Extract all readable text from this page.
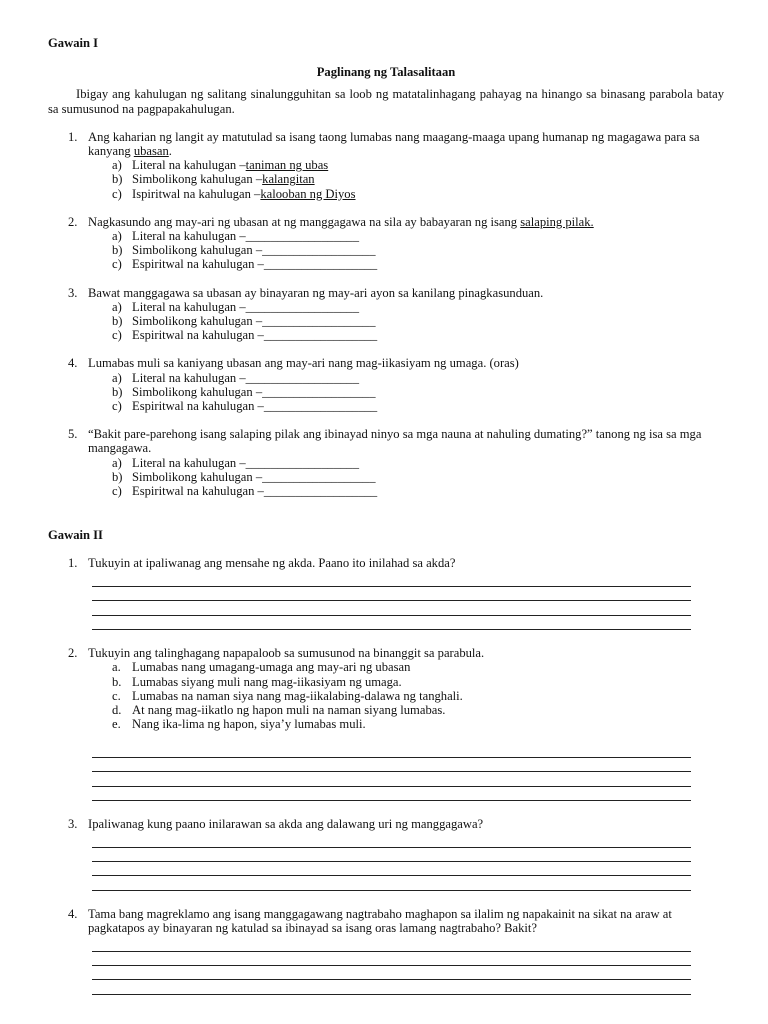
Gawain I

Paglinang ng Talasalitaan

Ibigay ang kahulugan ng salitang sinalungguhitan sa loob ng matatalinhagang pahayag na hinango sa binasang parabola batay sa sumusunod na pagpapakahulugan.

1. Ang kaharian ng langit ay matutulad sa isang taong lumabas nang maagang-maaga upang humanap ng magagawa para sa kanyang ubasan.
a) Literal na kahulugan – taniman ng ubas
b) Simbolikong kahulugan – kalangitan
c) Ispiritwal na kahulugan – kalooban ng Diyos
2. Nagkasundo ang may-ari ng ubasan at ng manggagawa na sila ay babayaran ng isang salaping pilak.
a) Literal na kahulugan – __________________
b) Simbolikong kahulugan – __________________
c) Espiritwal na kahulugan – __________________
3. Bawat manggagawa sa ubasan ay binayaran ng may-ari ayon sa kanilang pinagkasunduan.
a) Literal na kahulugan – __________________
b) Simbolikong kahulugan – __________________
c) Espiritwal na kahulugan – __________________
4. Lumabas muli sa kaniyang ubasan ang may-ari nang mag-iikasiyam ng umaga. (oras)
a) Literal na kahulugan – __________________
b) Simbolikong kahulugan – __________________
c) Espiritwal na kahulugan – __________________
5. “Bakit pare-parehong isang salaping pilak ang ibinayad ninyo sa mga nauna at nahuling dumating?” tanong ng isa sa mga mangagawa.
a) Literal na kahulugan – __________________
b) Simbolikong kahulugan – __________________
c) Espiritwal na kahulugan – __________________

Gawain II

1. Tukuyin at ipaliwanag ang mensahe ng akda. Paano ito inilahad sa akda?
2. Tukuyin ang talinghagang napapaloob sa sumusunod na binanggit sa parabula.
a. Lumabas nang umagang-umaga ang may-ari ng ubasan
b. Lumabas siyang muli nang mag-iikasiyam ng umaga.
c. Lumabas na naman siya nang mag-iikalabing-dalawa ng tanghali.
d. At nang mag-iikatlo ng hapon muli na naman siyang lumabas.
e. Nang ika-lima ng hapon, siya’y lumabas muli.
3. Ipaliwanag kung paano inilarawan sa akda ang dalawang uri ng manggagawa?
4. Tama bang magreklamo ang isang manggagawang nagtrabaho maghapon sa ilalim ng napakainit na sikat na araw at pagkatapos ay binayaran ng katulad sa ibinayad sa isang oras lamang nagtrabaho? Bakit?
